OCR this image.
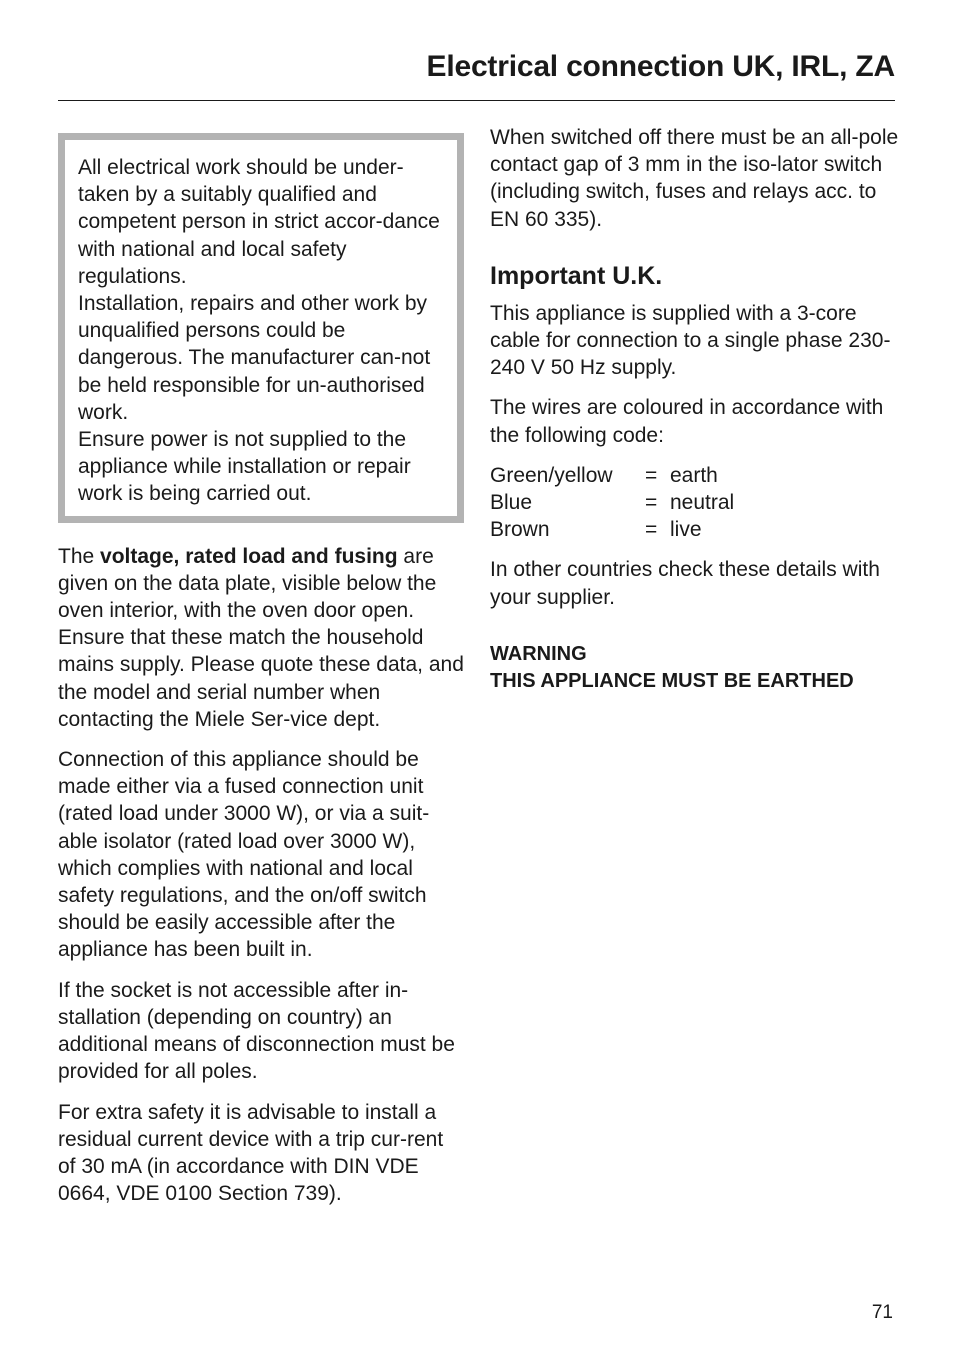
Electrical connection UK, IRL, ZA

All electrical work should be under-taken by a suitably qualified and competent person in strict accor-dance with national and local safety regulations.

Installation, repairs and other work by unqualified persons could be dangerous. The manufacturer can-not be held responsible for un-authorised work.

Ensure power is not supplied to the appliance while installation or repair work is being carried out.

The voltage, rated load and fusing are given on the data plate, visible below the oven interior, with the oven door open. Ensure that these match the household mains supply. Please quote these data, and the model and serial number when contacting the Miele Ser-vice dept.

Connection of this appliance should be made either via a fused connection unit (rated load under 3000 W), or via a suit-able isolator (rated load over 3000 W), which complies with national and local safety regulations, and the on/off switch should be easily accessible after the appliance has been built in.

If the socket is not accessible after in-stallation (depending on country) an additional means of disconnection must be provided for all poles.

For extra safety it is advisable to install a residual current device with a trip cur-rent of 30 mA (in accordance with DIN VDE 0664, VDE 0100 Section 739).

When switched off there must be an all-pole contact gap of 3 mm in the iso-lator switch (including switch, fuses and relays acc. to EN 60 335).

Important U.K.

This appliance is supplied with a 3-core cable for connection to a single phase 230-240 V 50 Hz supply.

The wires are coloured in accordance with the following code:

Green/yellow	=	earth
Blue	=	neutral
Brown	=	live

In other countries check these details with your supplier.

WARNING
THIS APPLIANCE MUST BE EARTHED
71
